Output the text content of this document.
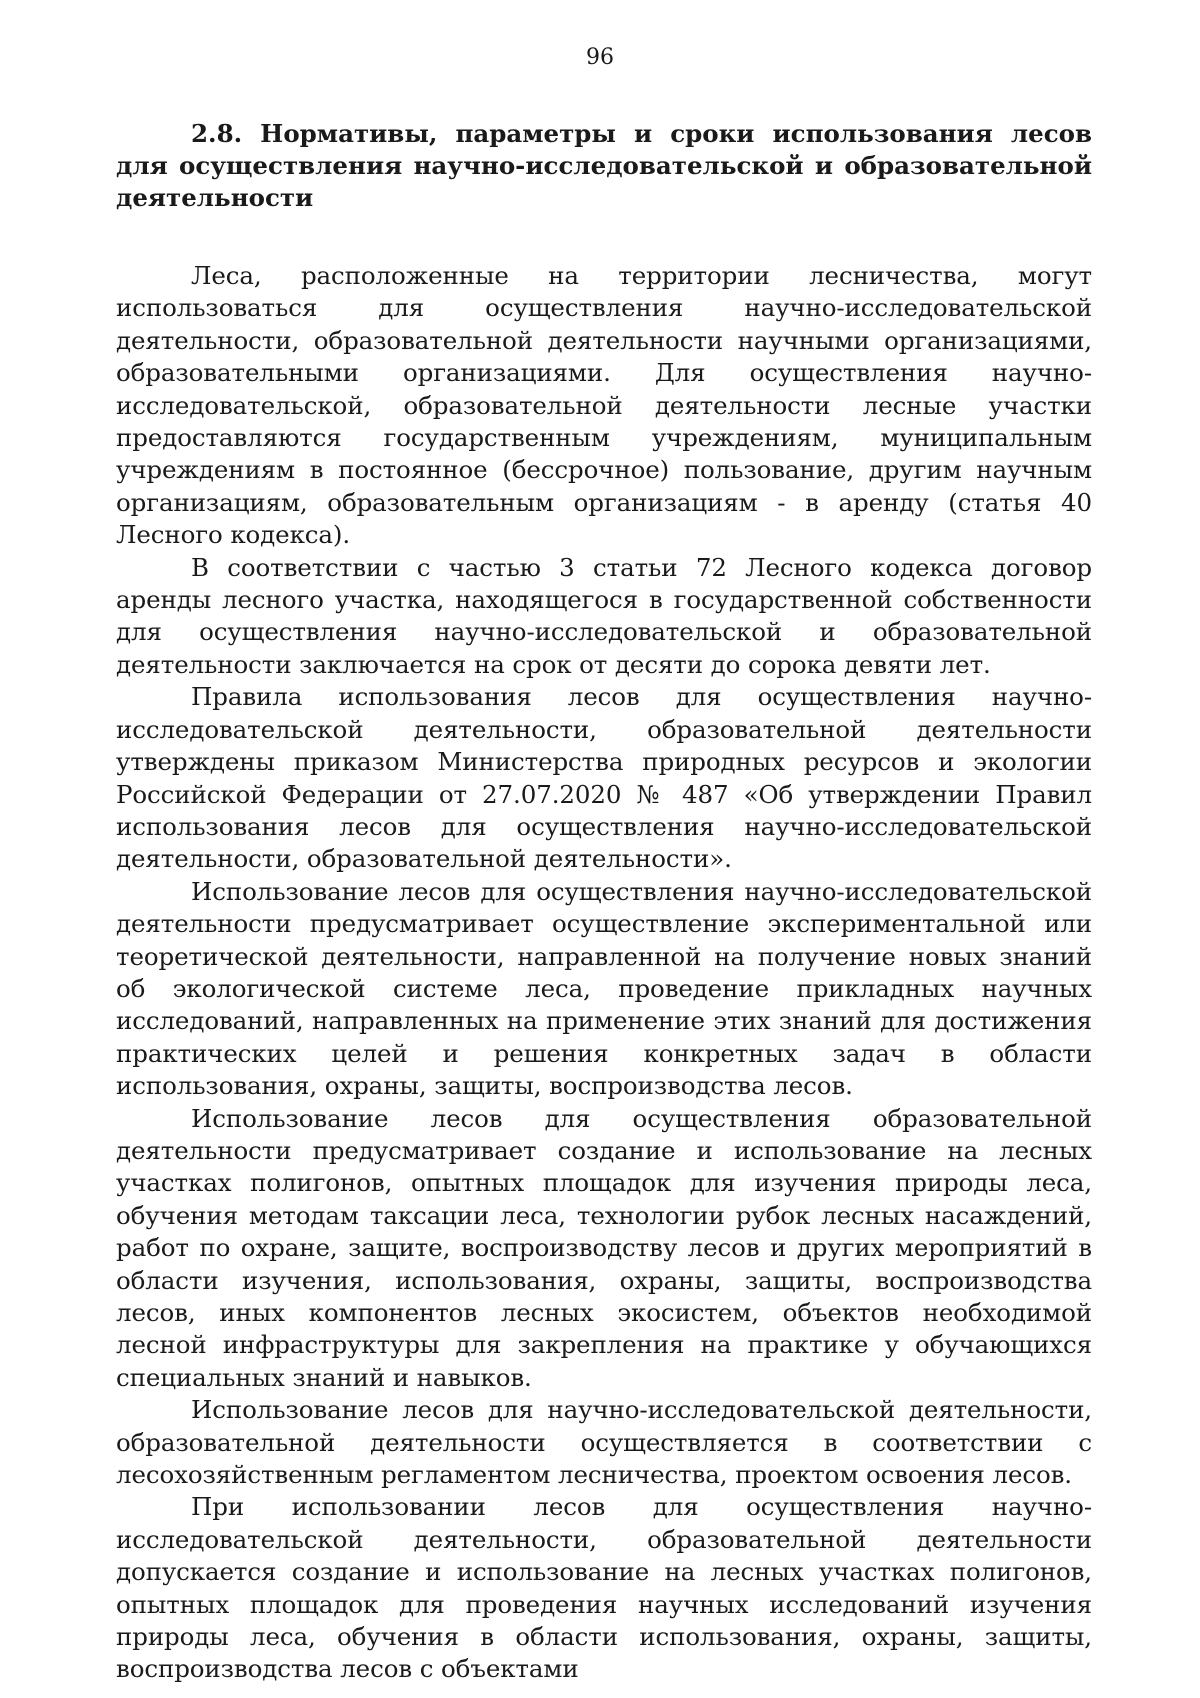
96
2.8. Нормативы, параметры и сроки использования лесов
для осуществления научно-исследовательской и образовательной
деятельности

Леса, расположенные на территории лесничества, могут использоваться для осуществления научно-исследовательской деятельности, образовательной деятельности научными организациями, образовательными организациями. Для осуществления научно-исследовательской, образовательной деятельности лесные участки предоставляются государственным учреждениям, муниципальным учреждениям в постоянное (бессрочное) пользование, другим научным организациям, образовательным организациям - в аренду (статья 40 Лесного кодекса).

В соответствии с частью 3 статьи 72 Лесного кодекса договор аренды лесного участка, находящегося в государственной собственности для осуществления научно-исследовательской и образовательной деятельности заключается на срок от десяти до сорока девяти лет.

Правила использования лесов для осуществления научно-исследовательской деятельности, образовательной деятельности утверждены приказом Министерства природных ресурсов и экологии Российской Федерации от 27.07.2020 № 487 «Об утверждении Правил использования лесов для осуществления научно-исследовательской деятельности, образовательной деятельности».

Использование лесов для осуществления научно-исследовательской деятельности предусматривает осуществление экспериментальной или теоретической деятельности, направленной на получение новых знаний об экологической системе леса, проведение прикладных научных исследований, направленных на применение этих знаний для достижения практических целей и решения конкретных задач в области использования, охраны, защиты, воспроизводства лесов.

Использование лесов для осуществления образовательной деятельности предусматривает создание и использование на лесных участках полигонов, опытных площадок для изучения природы леса, обучения методам таксации леса, технологии рубок лесных насаждений, работ по охране, защите, воспроизводству лесов и других мероприятий в области изучения, использования, охраны, защиты, воспроизводства лесов, иных компонентов лесных экосистем, объектов необходимой лесной инфраструктуры для закрепления на практике у обучающихся специальных знаний и навыков.

Использование лесов для научно-исследовательской деятельности, образовательной деятельности осуществляется в соответствии с лесохозяйственным регламентом лесничества, проектом освоения лесов.

При использовании лесов для осуществления научно-исследовательской деятельности, образовательной деятельности допускается создание и использование на лесных участках полигонов, опытных площадок для проведения научных исследований изучения природы леса, обучения в области использования, охраны, защиты, воспроизводства лесов с объектами
